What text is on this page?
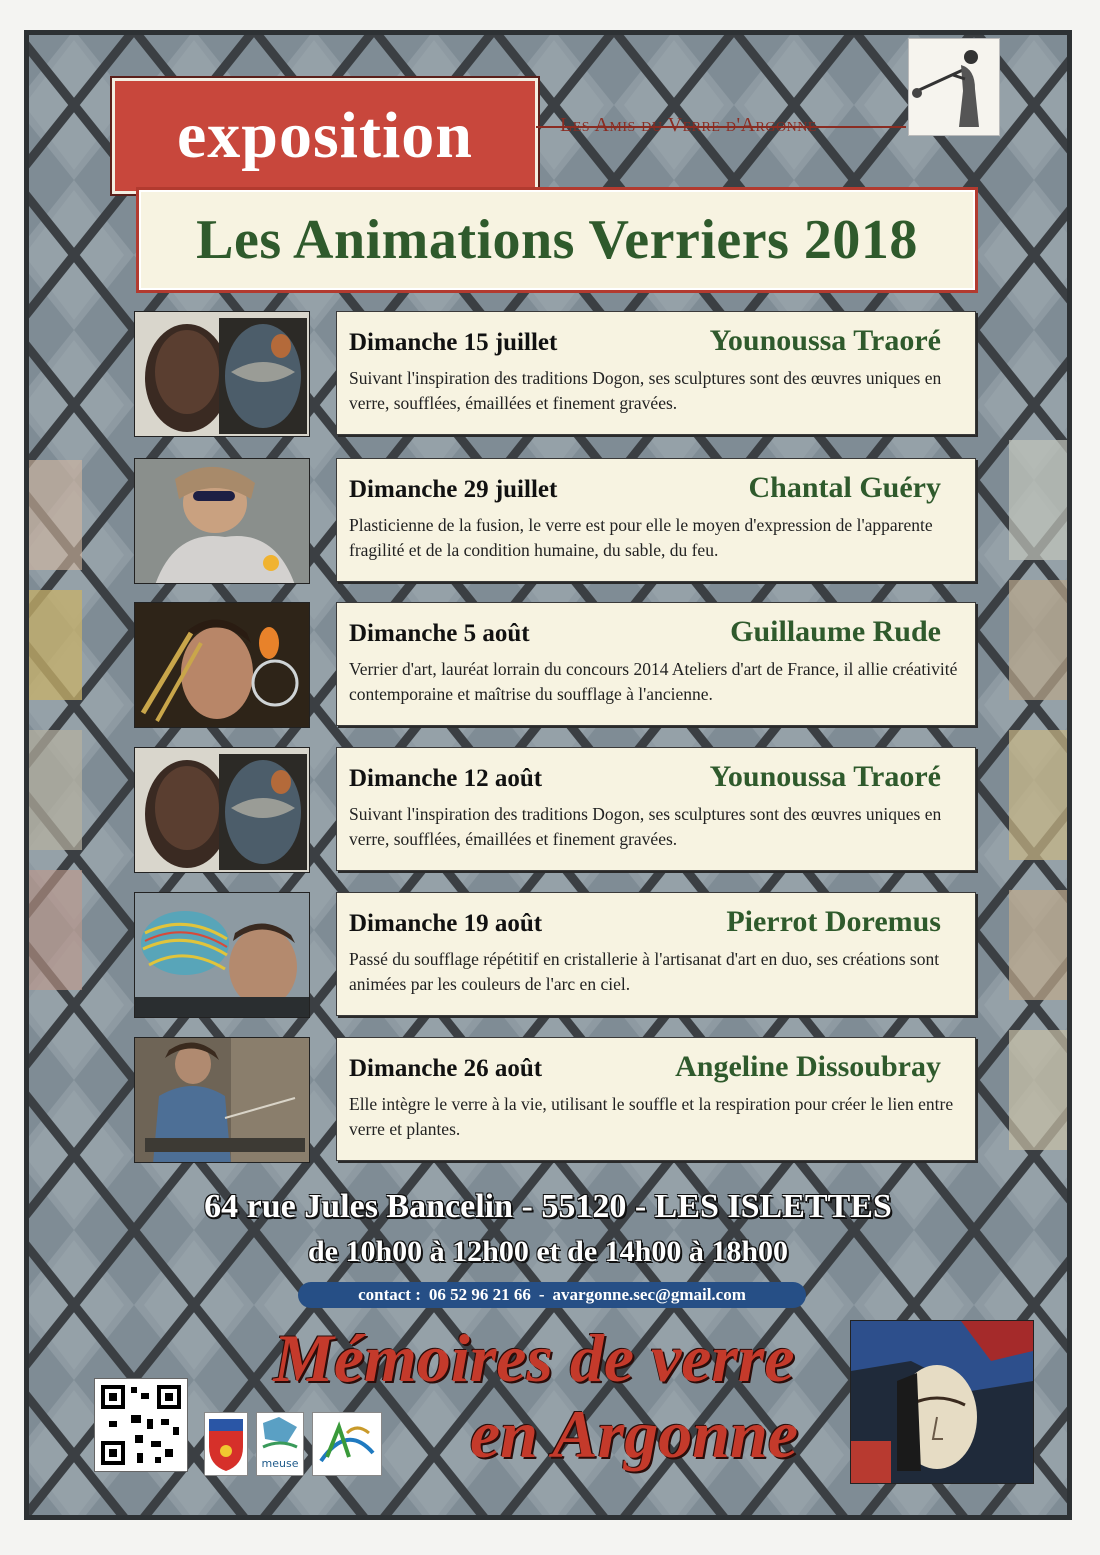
exposition	Les Amis du Verre d'Argonne
Les Animations Verriers 2018
Dimanche 15 juillet	Younoussa Traoré
Suivant l'inspiration des traditions Dogon, ses sculptures sont des œuvres uniques en verre, soufflées, émaillées et finement gravées.
Dimanche 29 juillet	Chantal Guéry
Plasticienne de la fusion, le verre est pour elle le moyen d'expression de l'apparente fragilité et de la condition humaine, du sable, du feu.
Dimanche 5 août	Guillaume Rude
Verrier d'art, lauréat lorrain du concours 2014 Ateliers d'art de France, il allie créativité contemporaine et maîtrise du soufflage à l'ancienne.
Dimanche 12 août	Younoussa Traoré
Suivant l'inspiration des traditions Dogon, ses sculptures sont des œuvres uniques en verre, soufflées, émaillées et finement gravées.
Dimanche 19 août	Pierrot Doremus
Passé du soufflage répétitif en cristallerie à l'artisanat d'art en duo, ses créations sont animées par les couleurs de l'arc en ciel.
Dimanche 26 août	Angeline Dissoubray
Elle intègre le verre à la vie, utilisant le souffle et la respiration pour créer le lien entre verre et plantes.
64 rue Jules Bancelin - 55120 - LES ISLETTES
de 10h00 à 12h00 et de 14h00 à 18h00
contact : 06 52 96 21 66 - avargonne.sec@gmail.com
Mémoires de verre
en Argonne
meuse
